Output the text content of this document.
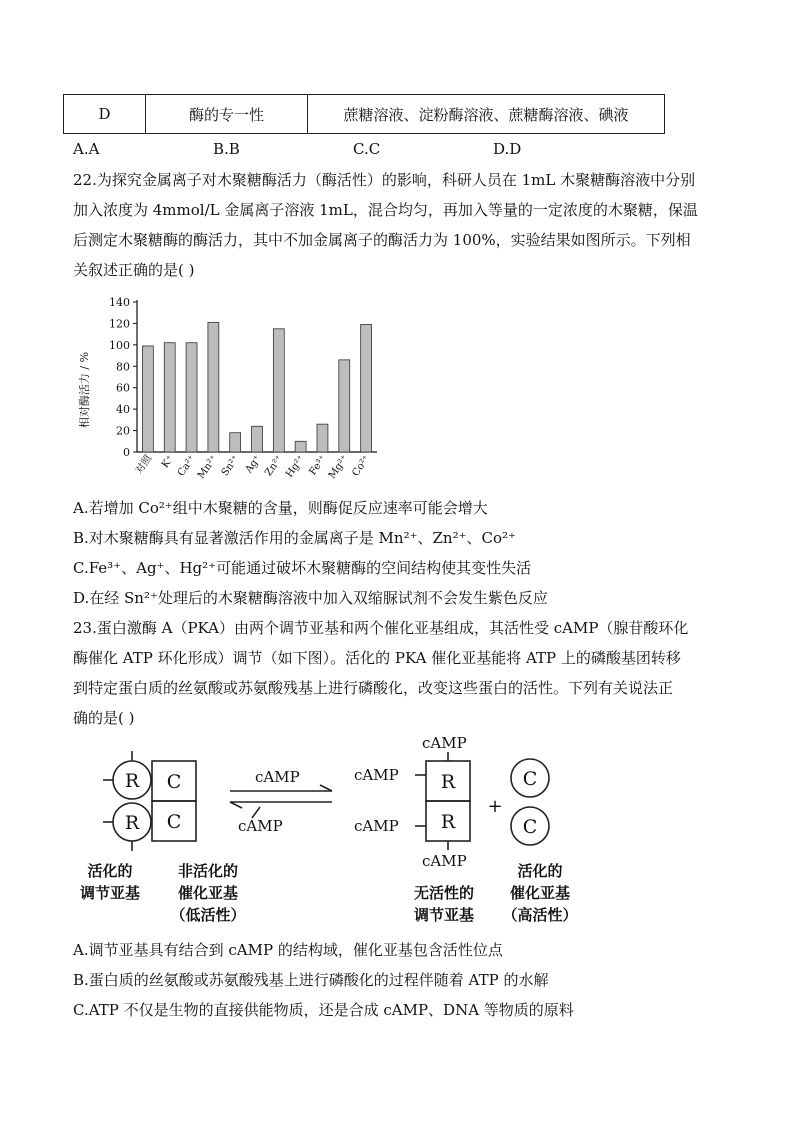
D	酶的专一性	蔗糖溶液、淀粉酶溶液、蔗糖酶溶液、碘液
A.A	B.B	C.C	D.D
22.为探究金属离子对木聚糖酶活力（酶活性）的影响，科研人员在 1mL 木聚糖酶溶液中分别
加入浓度为 4mmol/L 金属离子溶液 1mL，混合均匀，再加入等量的一定浓度的木聚糖，保温
后测定木聚糖酶的酶活力，其中不加金属离子的酶活力为 100%，实验结果如图所示。下列相
关叙述正确的是( )
0
20
40
60
80
100
120
140
对照 K⁺ Ca²⁺
Mn²⁺ Sn²⁺ Ag⁺ Zn²⁺
Hg²⁺ Fe³⁺
Mg²⁺ Co²⁺
相对酶活力 / %
A.若增加 Co²⁺组中木聚糖的含量，则酶促反应速率可能会增大
B.对木聚糖酶具有显著激活作用的金属离子是 Mn²⁺、Zn²⁺、Co²⁺
C.Fe³⁺、Ag⁺、Hg²⁺可能通过破坏木聚糖酶的空间结构使其变性失活
D.在经 Sn²⁺处理后的木聚糖酶溶液中加入双缩脲试剂不会发生紫色反应
23.蛋白激酶 A（PKA）由两个调节亚基和两个催化亚基组成，其活性受 cAMP（腺苷酸环化
酶催化 ATP 环化形成）调节（如下图）。活化的 PKA 催化亚基能将 ATP 上的磷酸基团转移
到特定蛋白质的丝氨酸或苏氨酸残基上进行磷酸化，改变这些蛋白的活性。下列有关说法正
确的是( )
R
R
C
C
R
R
C
C
+
cAMP
cAMP
cAMP
cAMP
cAMP
cAMP
活化的
调节亚基
非活化的
催化亚基
（低活性）
无活性的
调节亚基
活化的
催化亚基
（高活性）
A.调节亚基具有结合到 cAMP 的结构域，催化亚基包含活性位点
B.蛋白质的丝氨酸或苏氨酸残基上进行磷酸化的过程伴随着 ATP 的水解
C.ATP 不仅是生物的直接供能物质，还是合成 cAMP、DNA 等物质的原料
